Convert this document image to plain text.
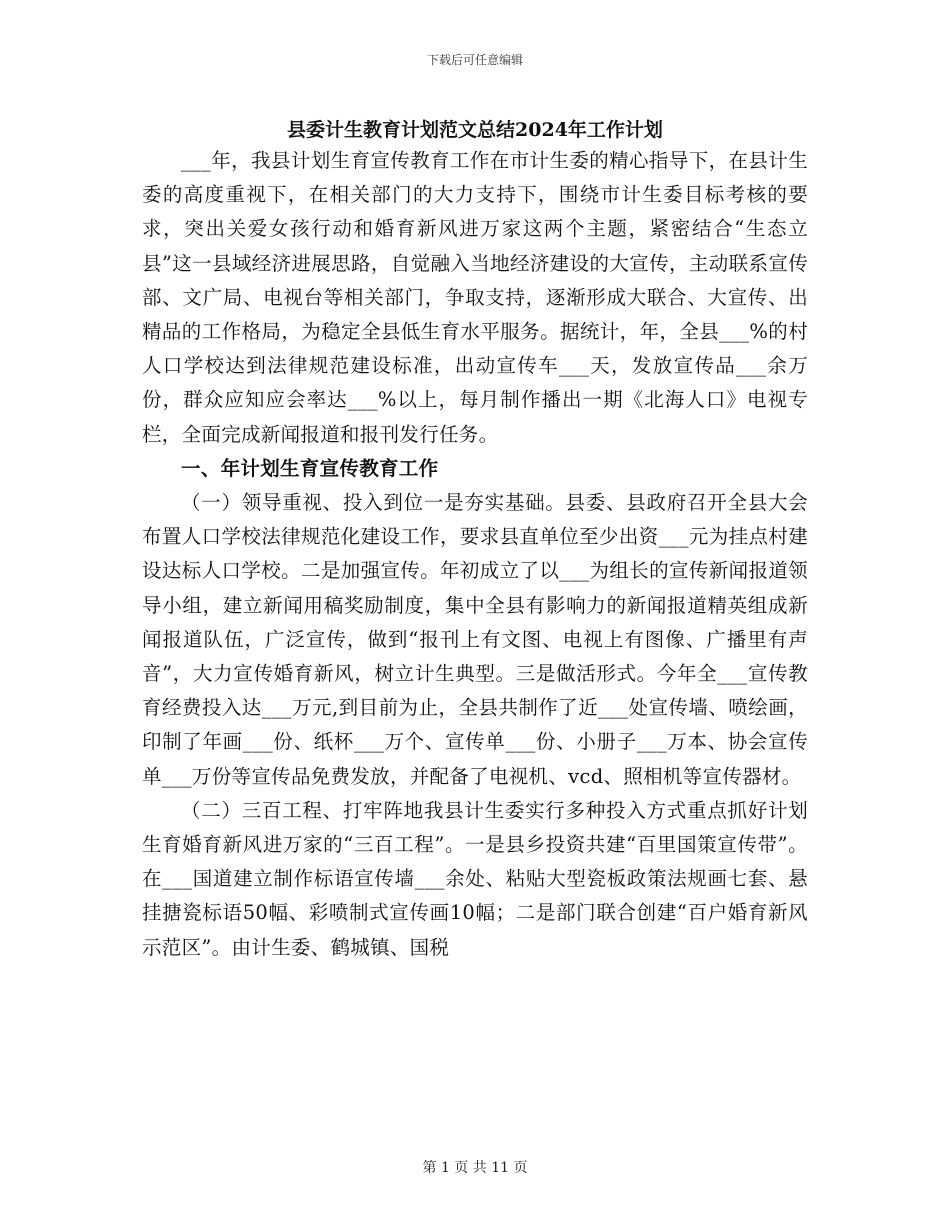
下载后可任意编辑
县委计生教育计划范文总结2024年工作计划

___年，我县计划生育宣传教育工作在市计生委的精心指导下，在县计生委的高度重视下，在相关部门的大力支持下，围绕市计生委目标考核的要求，突出关爱女孩行动和婚育新风进万家这两个主题，紧密结合“生态立县”这一县域经济进展思路，自觉融入当地经济建设的大宣传，主动联系宣传部、文广局、电视台等相关部门，争取支持，逐渐形成大联合、大宣传、出精品的工作格局，为稳定全县低生育水平服务。据统计，年，全县___%的村人口学校达到法律规范建设标准，出动宣传车___天，发放宣传品___余万份，群众应知应会率达___%以上，每月制作播出一期《北海人口》电视专栏，全面完成新闻报道和报刊发行任务。

一、年计划生育宣传教育工作

（一）领导重视、投入到位一是夯实基础。县委、县政府召开全县大会布置人口学校法律规范化建设工作，要求县直单位至少出资___元为挂点村建设达标人口学校。二是加强宣传。年初成立了以___为组长的宣传新闻报道领导小组，建立新闻用稿奖励制度，集中全县有影响力的新闻报道精英组成新闻报道队伍，广泛宣传，做到“报刊上有文图、电视上有图像、广播里有声音”，大力宣传婚育新风，树立计生典型。三是做活形式。今年全___宣传教育经费投入达___万元,到目前为止，全县共制作了近___处宣传墙、喷绘画，印制了年画___份、纸杯___万个、宣传单___份、小册子___万本、协会宣传单___万份等宣传品免费发放，并配备了电视机、vcd、照相机等宣传器材。

（二）三百工程、打牢阵地我县计生委实行多种投入方式重点抓好计划生育婚育新风进万家的“三百工程”。一是县乡投资共建“百里国策宣传带”。在___国道建立制作标语宣传墙___余处、粘贴大型瓷板政策法规画七套、悬挂搪瓷标语50幅、彩喷制式宣传画10幅；二是部门联合创建“百户婚育新风示范区”。由计生委、鹤城镇、国税

第 1 页 共 11 页
